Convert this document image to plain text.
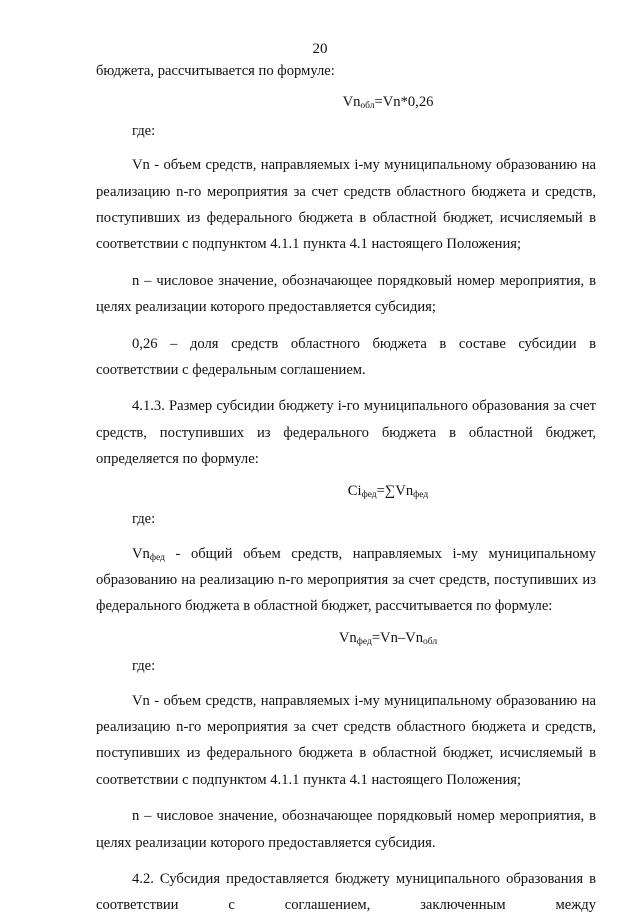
20

бюджета, рассчитывается по формуле:

$Vn_{обл}=Vn*0,26$

где:

Vn - объем средств, направляемых i-му муниципальному образованию на реализацию n-го мероприятия за счет средств областного бюджета и средств, поступивших из федерального бюджета в областной бюджет, исчисляемый в соответствии с подпунктом 4.1.1 пункта 4.1 настоящего Положения;

n – числовое значение, обозначающее порядковый номер мероприятия, в целях реализации которого предоставляется субсидия;

0,26 – доля средств областного бюджета в составе субсидии в соответствии с федеральным соглашением.

4.1.3. Размер субсидии бюджету i-го муниципального образования за счет средств, поступивших из федерального бюджета в областной бюджет, определяется по формуле:

$Ci_{фед}=\sum Vn_{фед}$

где:

$Vn_{фед}$ - общий объем средств, направляемых i-му муниципальному образованию на реализацию n-го мероприятия за счет средств, поступивших из федерального бюджета в областной бюджет, рассчитывается по формуле:

$Vn_{фед}=Vn-Vn_{обл}$

где:

Vn - объем средств, направляемых i-му муниципальному образованию на реализацию n-го мероприятия за счет средств областного бюджета и средств, поступивших из федерального бюджета в областной бюджет, исчисляемый в соответствии с подпунктом 4.1.1 пункта 4.1 настоящего Положения;

n – числовое значение, обозначающее порядковый номер мероприятия, в целях реализации которого предоставляется субсидия.

4.2. Субсидия предоставляется бюджету муниципального образования в соответствии с соглашением, заключенным между
